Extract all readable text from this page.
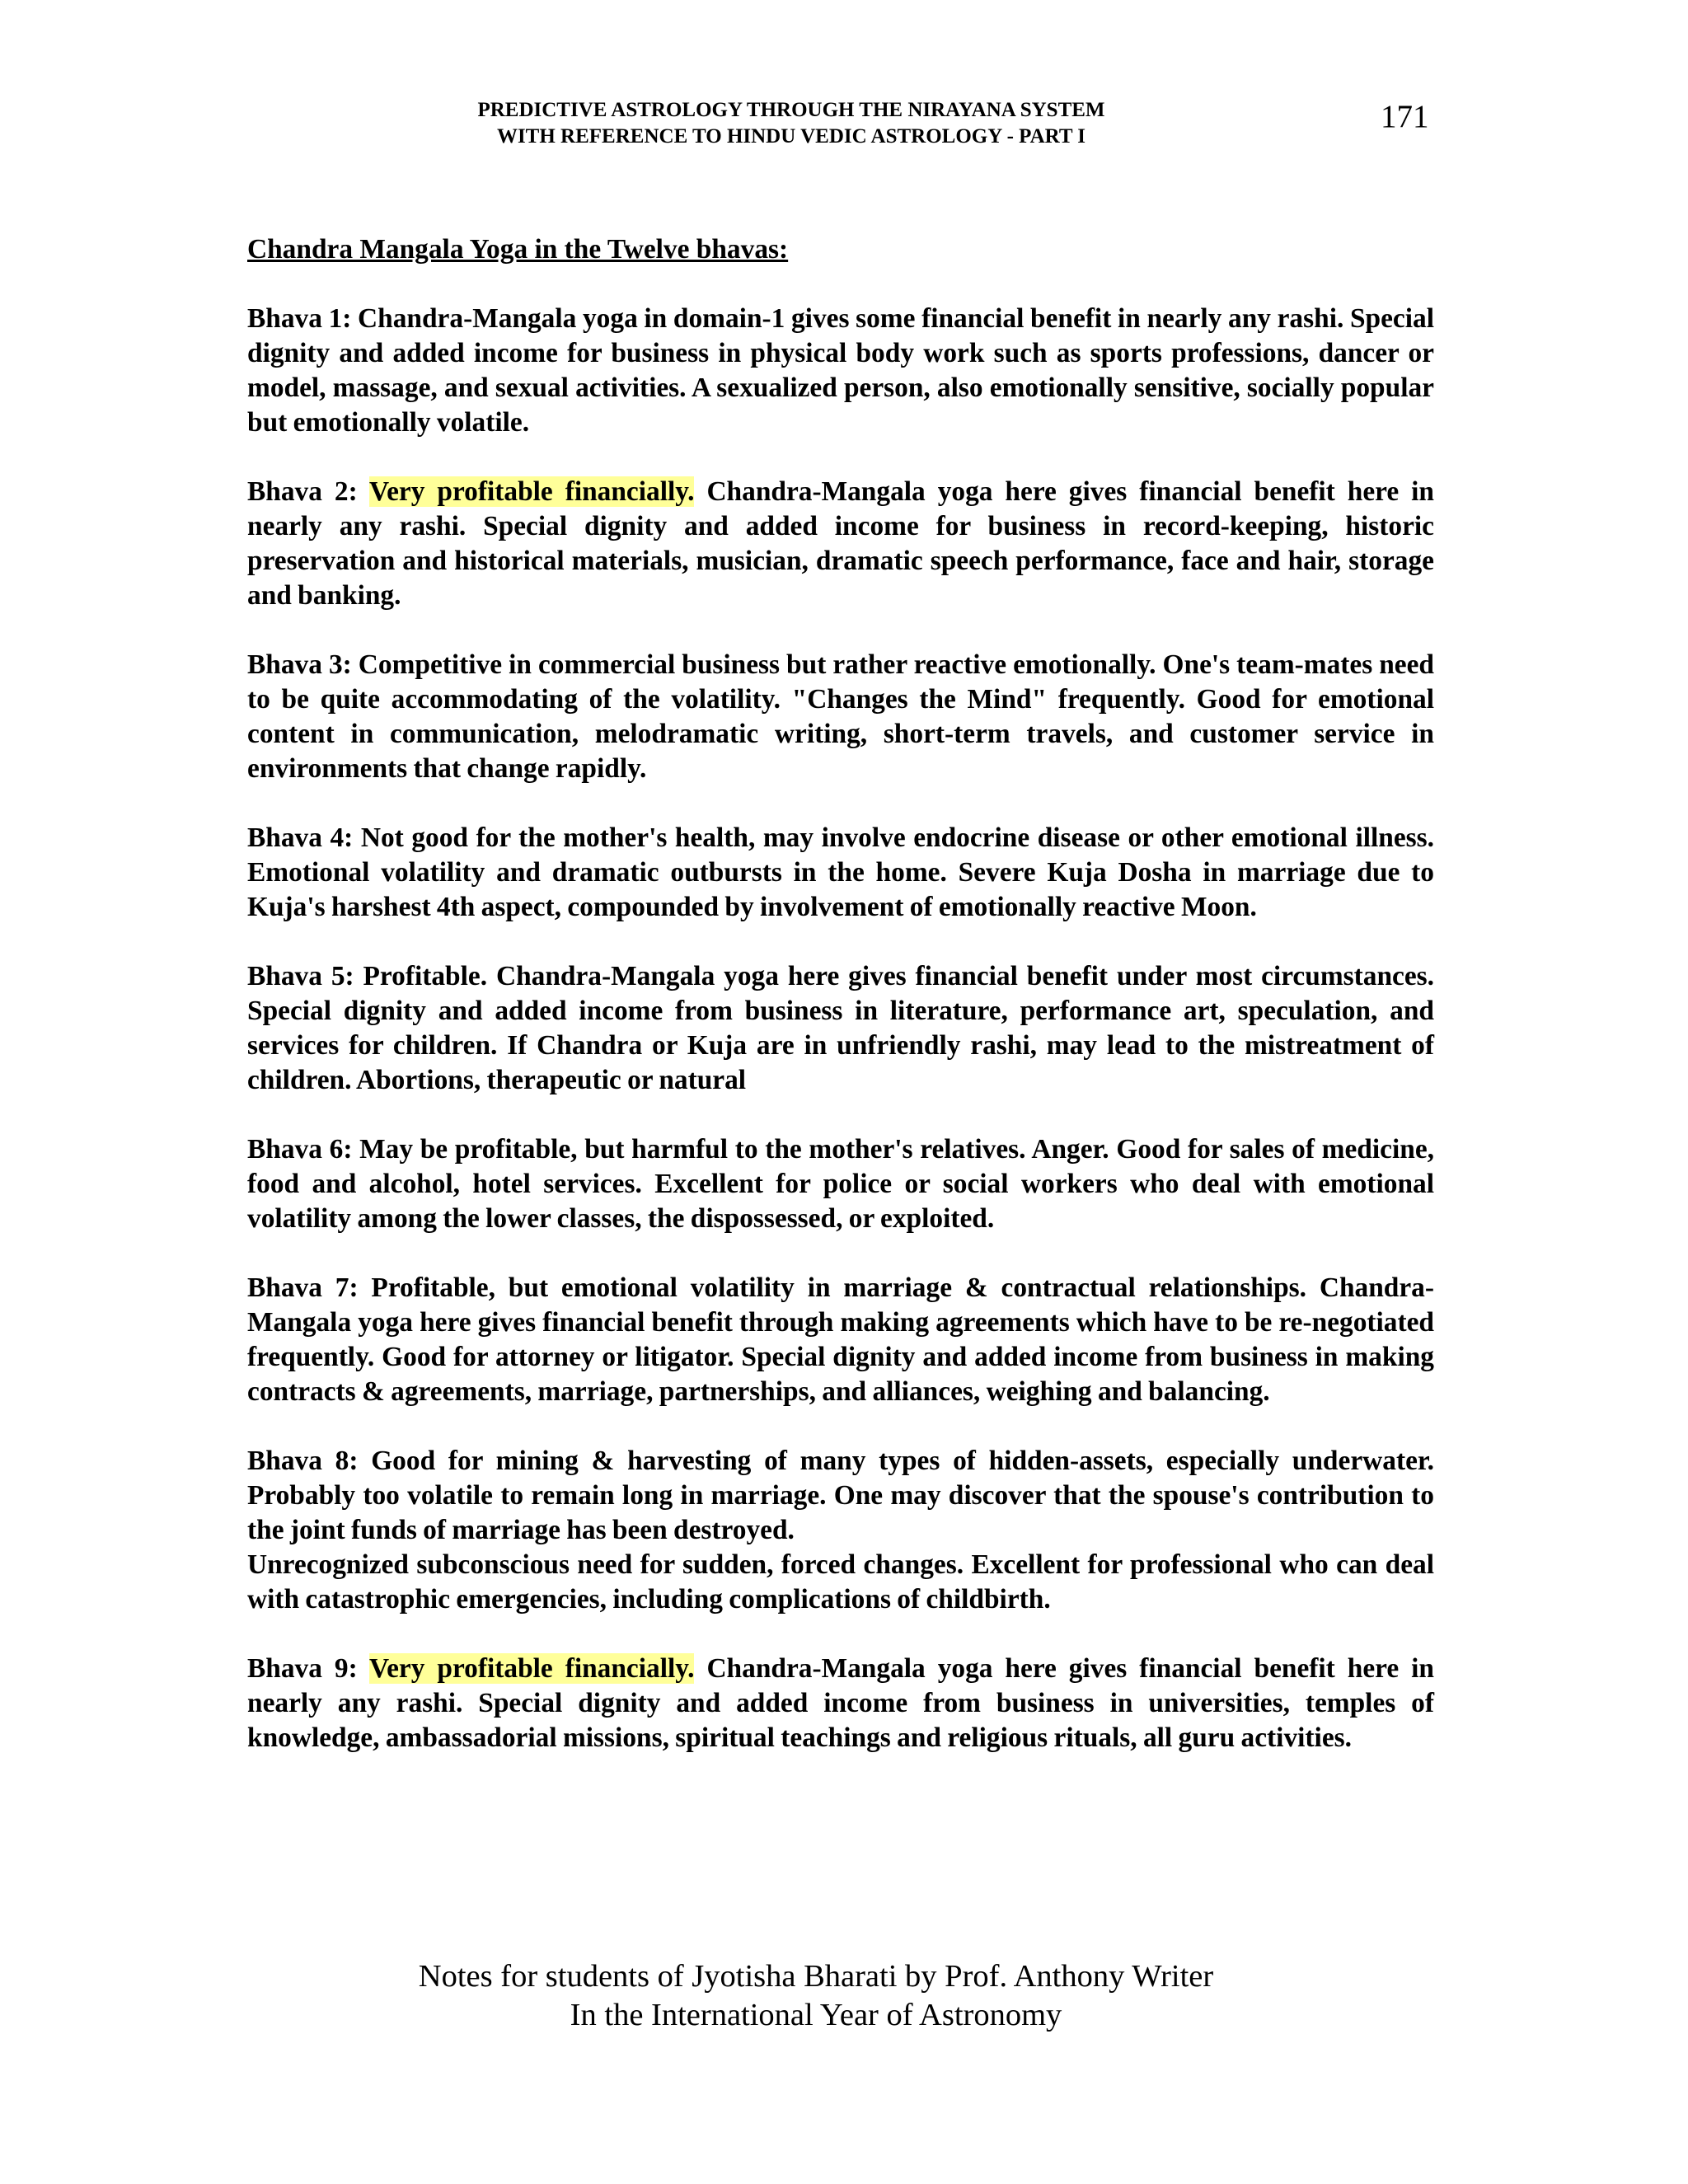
PREDICTIVE ASTROLOGY THROUGH THE NIRAYANA SYSTEM
WITH REFERENCE TO HINDU VEDIC ASTROLOGY - PART I
171
Chandra Mangala Yoga in the Twelve bhavas:

Bhava 1: Chandra-Mangala yoga in domain-1 gives some financial benefit in nearly any rashi. Special dignity and added income for business in physical body work such as sports professions, dancer or model, massage, and sexual activities. A sexualized person, also emotionally sensitive, socially popular but emotionally volatile.

Bhava 2: Very profitable financially. Chandra-Mangala yoga here gives financial benefit here in nearly any rashi. Special dignity and added income for business in record-keeping, historic preservation and historical materials, musician, dramatic speech performance, face and hair, storage and banking.

Bhava 3: Competitive in commercial business but rather reactive emotionally. One's team-mates need to be quite accommodating of the volatility. "Changes the Mind" frequently. Good for emotional content in communication, melodramatic writing, short-term travels, and customer service in environments that change rapidly.

Bhava 4: Not good for the mother's health, may involve endocrine disease or other emotional illness. Emotional volatility and dramatic outbursts in the home. Severe Kuja Dosha in marriage due to Kuja's harshest 4th aspect, compounded by involvement of emotionally reactive Moon.

Bhava 5: Profitable. Chandra-Mangala yoga here gives financial benefit under most circumstances. Special dignity and added income from business in literature, performance art, speculation, and services for children. If Chandra or Kuja are in unfriendly rashi, may lead to the mistreatment of children. Abortions, therapeutic or natural

Bhava 6: May be profitable, but harmful to the mother's relatives. Anger. Good for sales of medicine, food and alcohol, hotel services. Excellent for police or social workers who deal with emotional volatility among the lower classes, the dispossessed, or exploited.

Bhava 7: Profitable, but emotional volatility in marriage & contractual relationships. Chandra-Mangala yoga here gives financial benefit through making agreements which have to be re-negotiated frequently. Good for attorney or litigator. Special dignity and added income from business in making contracts & agreements, marriage, partnerships, and alliances, weighing and balancing.

Bhava 8: Good for mining & harvesting of many types of hidden-assets, especially underwater. Probably too volatile to remain long in marriage. One may discover that the spouse's contribution to the joint funds of marriage has been destroyed.

Unrecognized subconscious need for sudden, forced changes. Excellent for professional who can deal with catastrophic emergencies, including complications of childbirth.

Bhava 9: Very profitable financially. Chandra-Mangala yoga here gives financial benefit here in nearly any rashi. Special dignity and added income from business in universities, temples of knowledge, ambassadorial missions, spiritual teachings and religious rituals, all guru activities.

Notes for students of Jyotisha Bharati by Prof. Anthony Writer
In the International Year of Astronomy
